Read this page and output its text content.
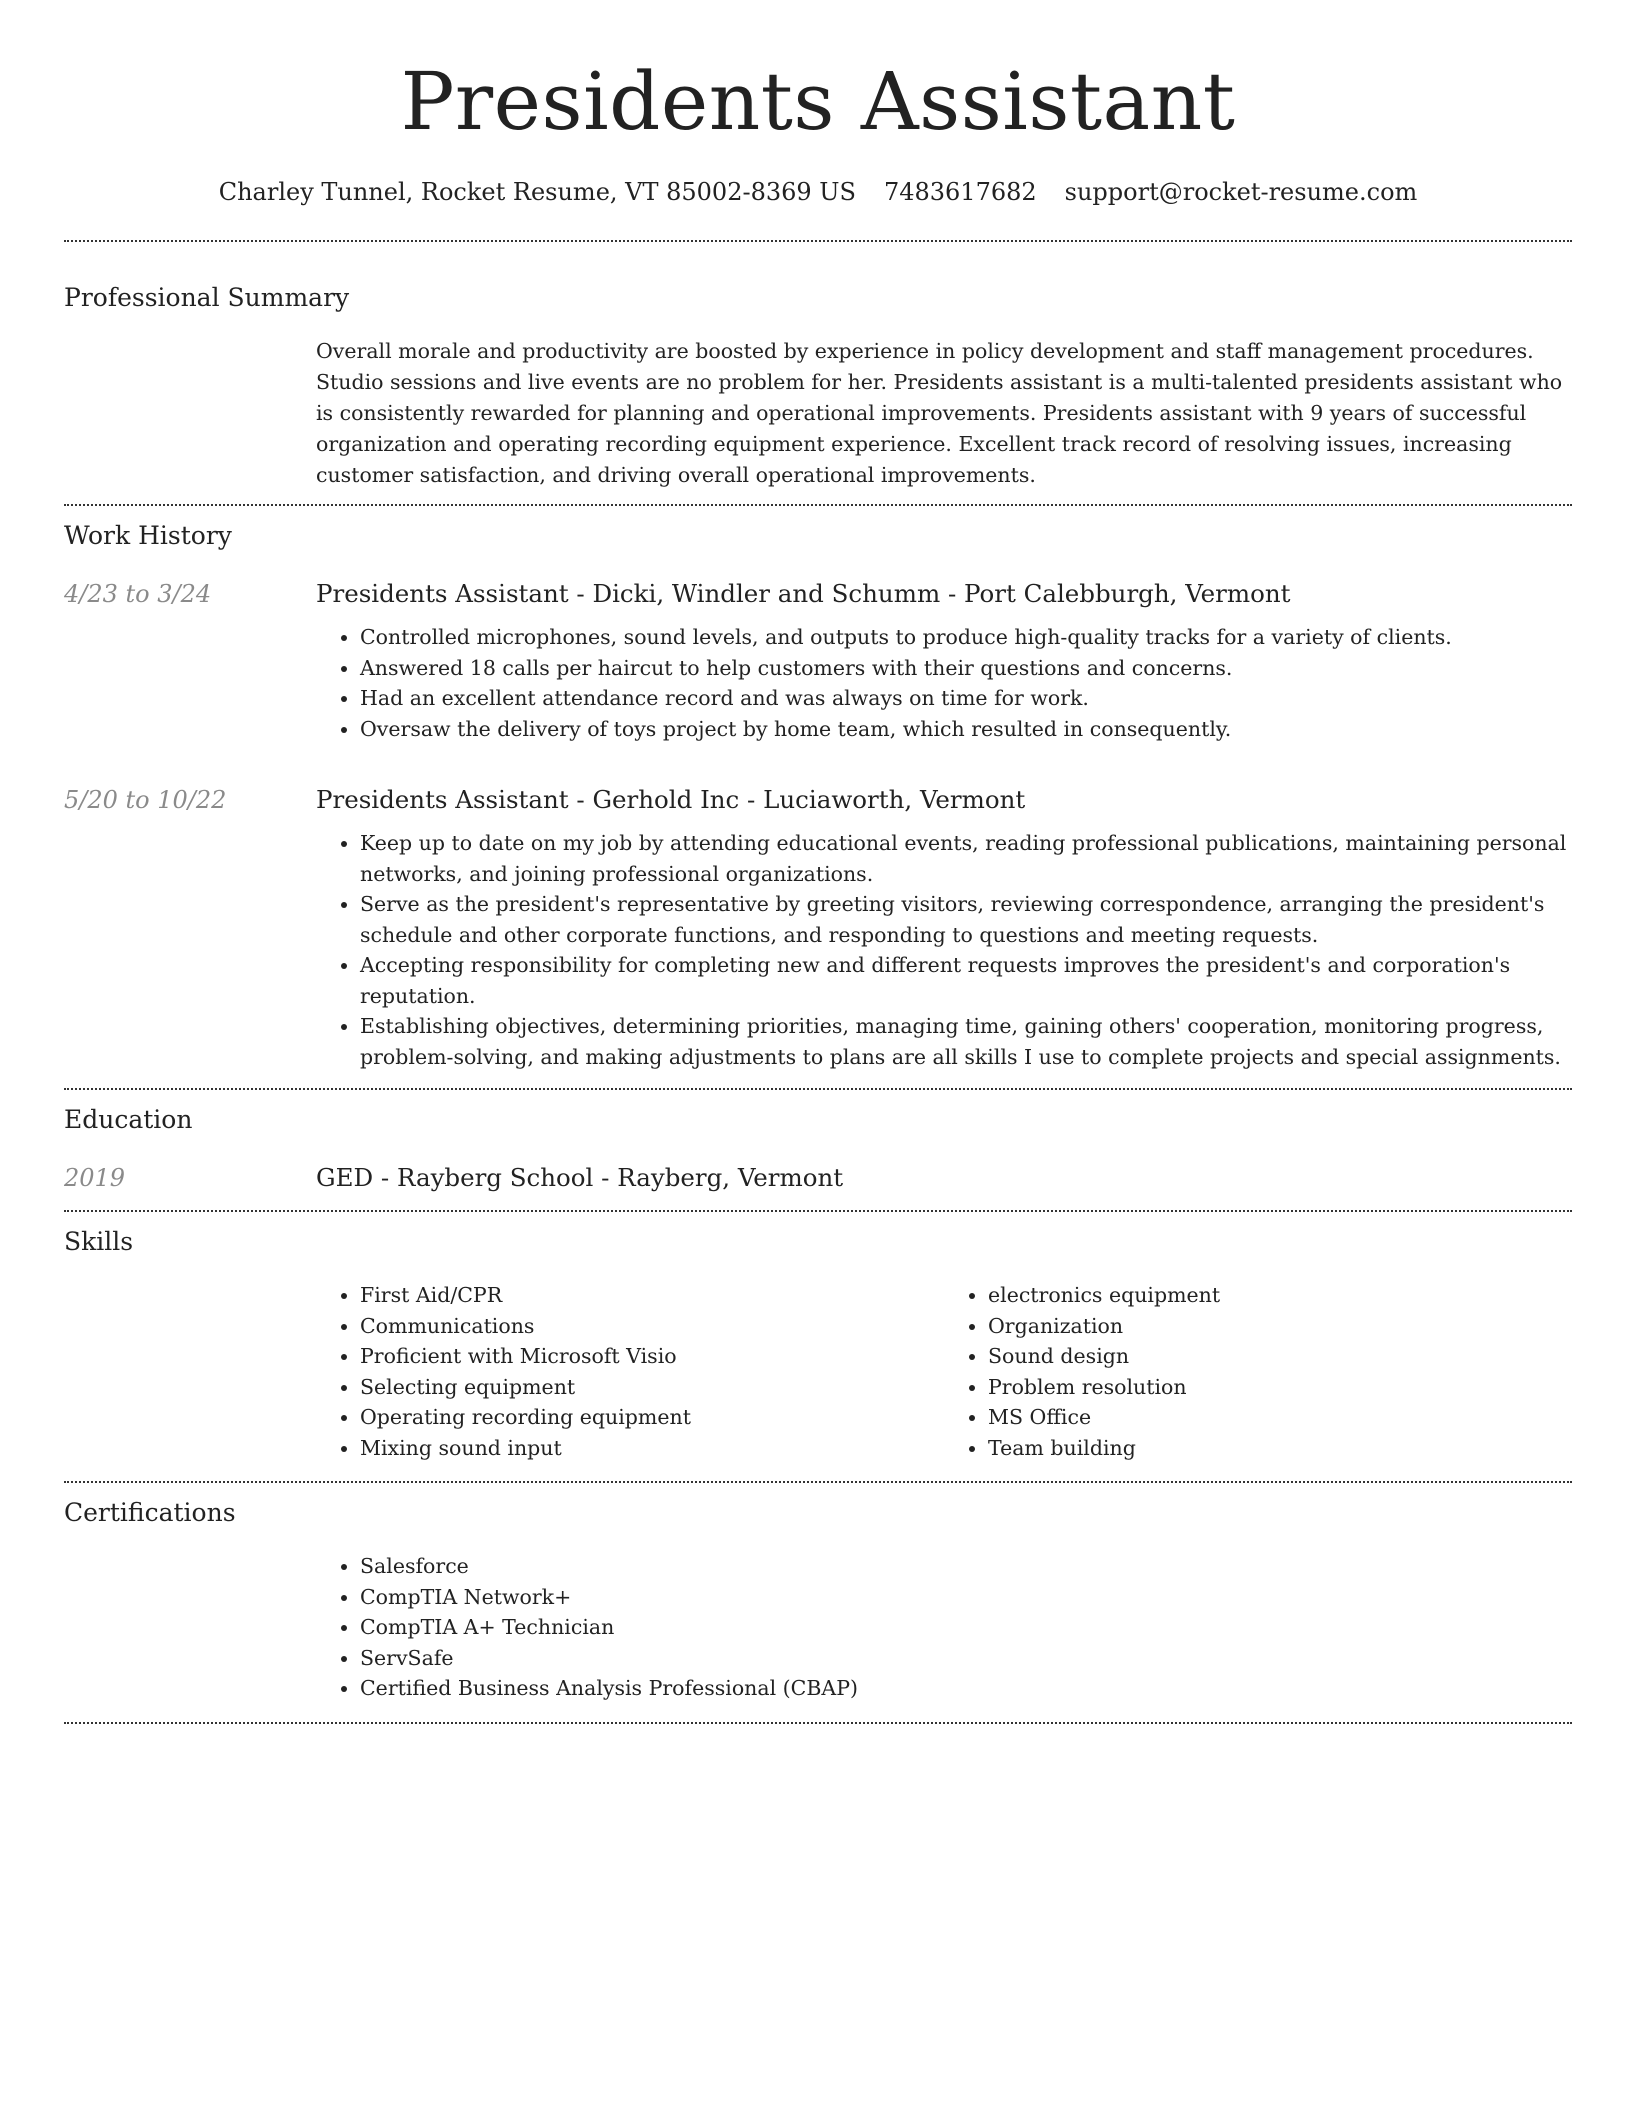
Presidents Assistant
Charley Tunnel, Rocket Resume, VT 85002-8369 US 7483617682 support@rocket-resume.com
Professional Summary

Overall morale and productivity are boosted by experience in policy development and staff management procedures. Studio sessions and live events are no problem for her. Presidents assistant is a multi-talented presidents assistant who is consistently rewarded for planning and operational improvements. Presidents assistant with 9 years of successful organization and operating recording equipment experience. Excellent track record of resolving issues, increasing customer satisfaction, and driving overall operational improvements.

Work History
4/23 to 3/24	Presidents Assistant - Dicki, Windler and Schumm - Port Calebburgh, Vermont
• Controlled microphones, sound levels, and outputs to produce high-quality tracks for a variety of clients.
• Answered 18 calls per haircut to help customers with their questions and concerns.
• Had an excellent attendance record and was always on time for work.
• Oversaw the delivery of toys project by home team, which resulted in consequently.
5/20 to 10/22	Presidents Assistant - Gerhold Inc - Luciaworth, Vermont
• Keep up to date on my job by attending educational events, reading professional publications, maintaining personal networks, and joining professional organizations.
• Serve as the president's representative by greeting visitors, reviewing correspondence, arranging the president's schedule and other corporate functions, and responding to questions and meeting requests.
• Accepting responsibility for completing new and different requests improves the president's and corporation's reputation.
• Establishing objectives, determining priorities, managing time, gaining others' cooperation, monitoring progress, problem-solving, and making adjustments to plans are all skills I use to complete projects and special assignments.
Education
2019	GED - Rayberg School - Rayberg, Vermont
Skills
• First Aid/CPR
• Communications
• Proficient with Microsoft Visio
• Selecting equipment
• Operating recording equipment
• Mixing sound input
• electronics equipment
• Organization
• Sound design
• Problem resolution
• MS Office
• Team building
Certifications
• Salesforce
• CompTIA Network+
• CompTIA A+ Technician
• ServSafe
• Certified Business Analysis Professional (CBAP)
